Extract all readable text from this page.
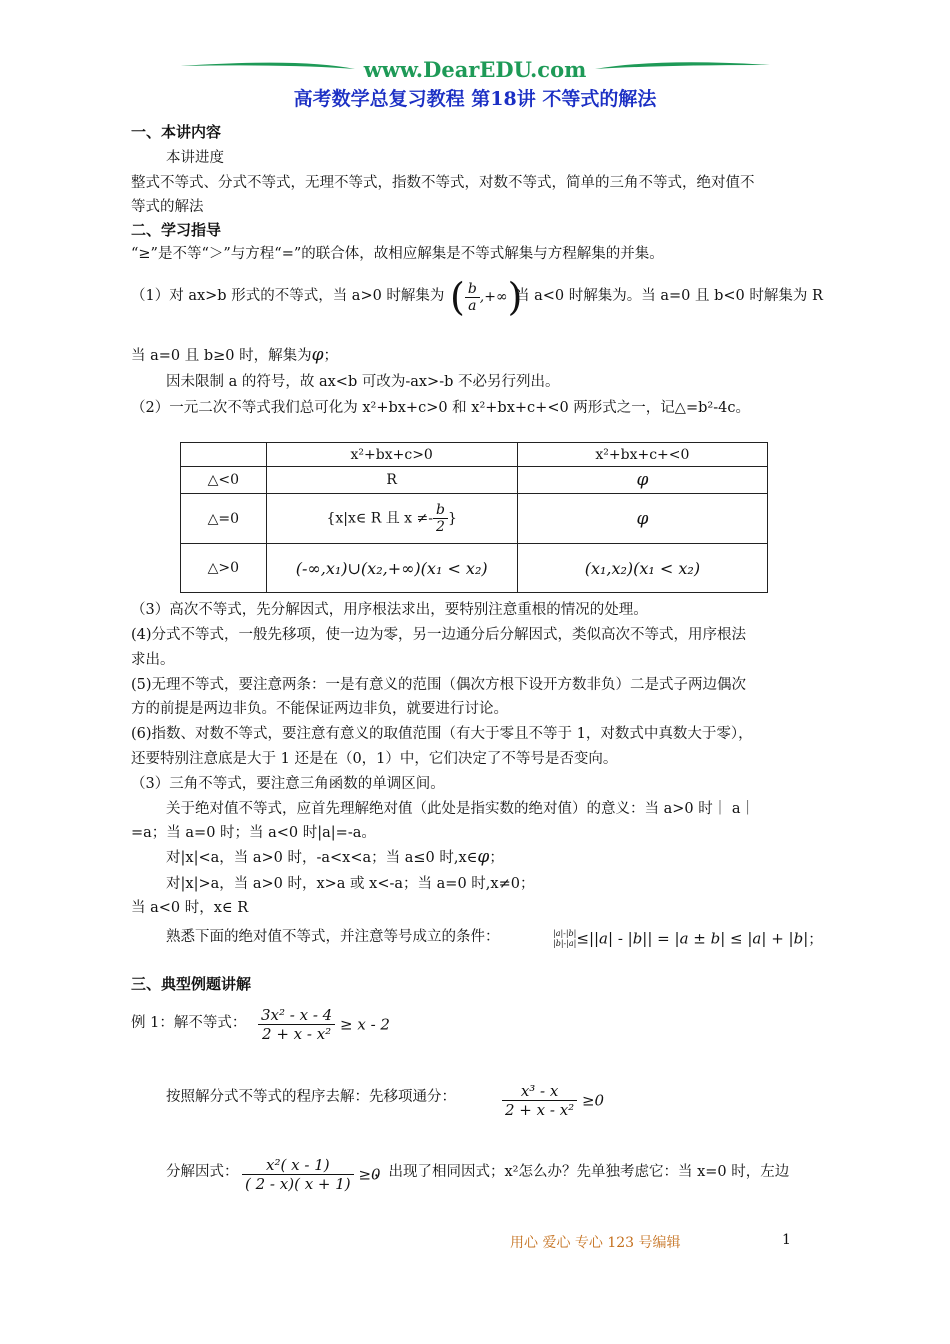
www.DearEDU.com
高考数学总复习教程 第18讲 不等式的解法
一、本讲内容
本讲进度
整式不等式、分式不等式，无理不等式，指数不等式，对数不等式，简单的三角不等式，绝对值不
等式的解法
二、学习指导
“≥”是不等“＞”与方程“=”的联合体，故相应解集是不等式解集与方程解集的并集。
（1）对 ax>b 形式的不等式，当 a>0 时解集为 ( $\frac{b}{a}$ ,+∞)
当 a<0 时解集为。当 a=0 且 b<0 时解集为 R
当 a=0 且 b≥0 时，解集为φ；
因未限制 a 的符号，故 ax<b 可改为-ax>-b 不必另行列出。
（2）一元二次不等式我们总可化为 x²+bx+c>0 和 x²+bx+c+<0 两形式之一，记△=b²-4c。
	x²+bx+c>0	x²+bx+c+<0
△<0	R	φ
△=0	{x|x∈ R 且 $x \ne- \frac{b}{2}$ }	φ
△>0	(-∞,x₁)∪(x₂,+∞)(x₁ < x₂)	(x₁,x₂)(x₁ < x₂)
（3）高次不等式，先分解因式，用序根法求出，要特别注意重根的情况的处理。
(4)分式不等式，一般先移项，使一边为零，另一边通分后分解因式，类似高次不等式，用序根法
求出。
(5)无理不等式，要注意两条：一是有意义的范围（偶次方根下设开方数非负）二是式子两边偶次
方的前提是两边非负。不能保证两边非负，就要进行讨论。
(6)指数、对数不等式，要注意有意义的取值范围（有大于零且不等于 1，对数式中真数大于零），
还要特别注意底是大于 1 还是在（0，1）中，它们决定了不等号是否变向。
（3）三角不等式，要注意三角函数的单调区间。
关于绝对值不等式，应首先理解绝对值（此处是指实数的绝对值）的意义：当 a>0 时｜ a｜
=a；当 a=0 时；当 a<0 时|a|=-a。
对|x|<a，当 a>0 时，-a<x<a；当 a≤0 时,x∈φ；
对|x|>a，当 a>0 时，x>a 或 x<-a；当 a=0 时,x≠0；
当 a<0 时，x∈ R
熟悉下面的绝对值不等式，并注意等号成立的条件：	|a|-|b|
|b|-|a| ≤||a| - |b|| = |a ± b| ≤ |a| + |b|；
三、典型例题讲解
例 1：解不等式： $\frac{\text{3x² - x - 4}}{\text{2 + x - x²}} \ge x - 2$
按照解分式不等式的程序去解：先移项通分：	$\frac{\text{x³ - x}}{\text{2 + x - x²}} \ge 0$
分解因式： $\frac{\text{x²( x - 1)}}{( 2 - x)( x + 1)} \ge 0$
，出现了相同因式；x²怎么办？先单独考虑它：当 x=0 时，左边
用心 爱心 专心 123 号编辑	1
